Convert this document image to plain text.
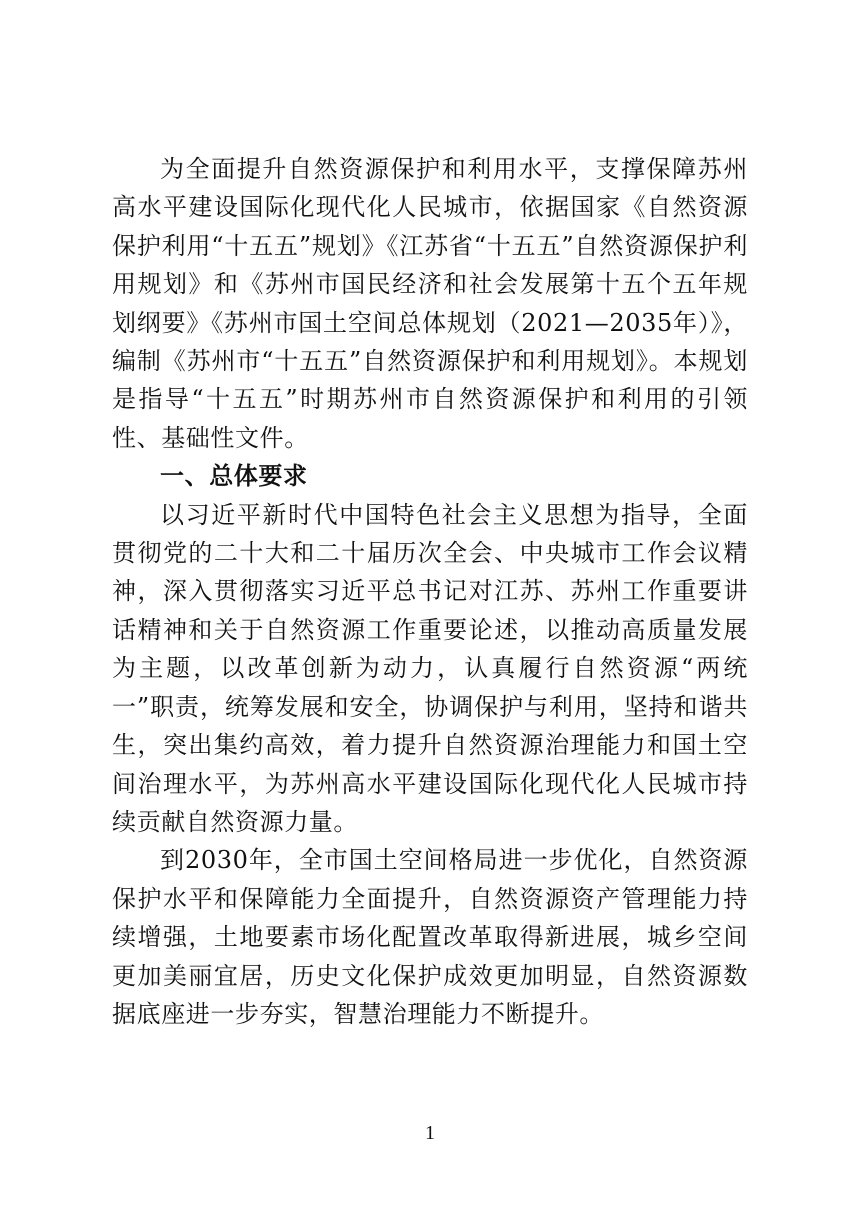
为全面提升自然资源保护和利用水平，支撑保障苏州高水平建设国际化现代化人民城市，依据国家《自然资源保护利用“十五五”规划》《江苏省“十五五”自然资源保护利用规划》和《苏州市国民经济和社会发展第十五个五年规划纲要》《苏州市国土空间总体规划（2021—2035年）》，编制《苏州市“十五五”自然资源保护和利用规划》。本规划是指导“十五五”时期苏州市自然资源保护和利用的引领性、基础性文件。

一、总体要求

以习近平新时代中国特色社会主义思想为指导，全面贯彻党的二十大和二十届历次全会、中央城市工作会议精神，深入贯彻落实习近平总书记对江苏、苏州工作重要讲话精神和关于自然资源工作重要论述，以推动高质量发展为主题，以改革创新为动力，认真履行自然资源“两统一”职责，统筹发展和安全，协调保护与利用，坚持和谐共生，突出集约高效，着力提升自然资源治理能力和国土空间治理水平，为苏州高水平建设国际化现代化人民城市持续贡献自然资源力量。

到2030年，全市国土空间格局进一步优化，自然资源保护水平和保障能力全面提升，自然资源资产管理能力持续增强，土地要素市场化配置改革取得新进展，城乡空间更加美丽宜居，历史文化保护成效更加明显，自然资源数据底座进一步夯实，智慧治理能力不断提升。

1
